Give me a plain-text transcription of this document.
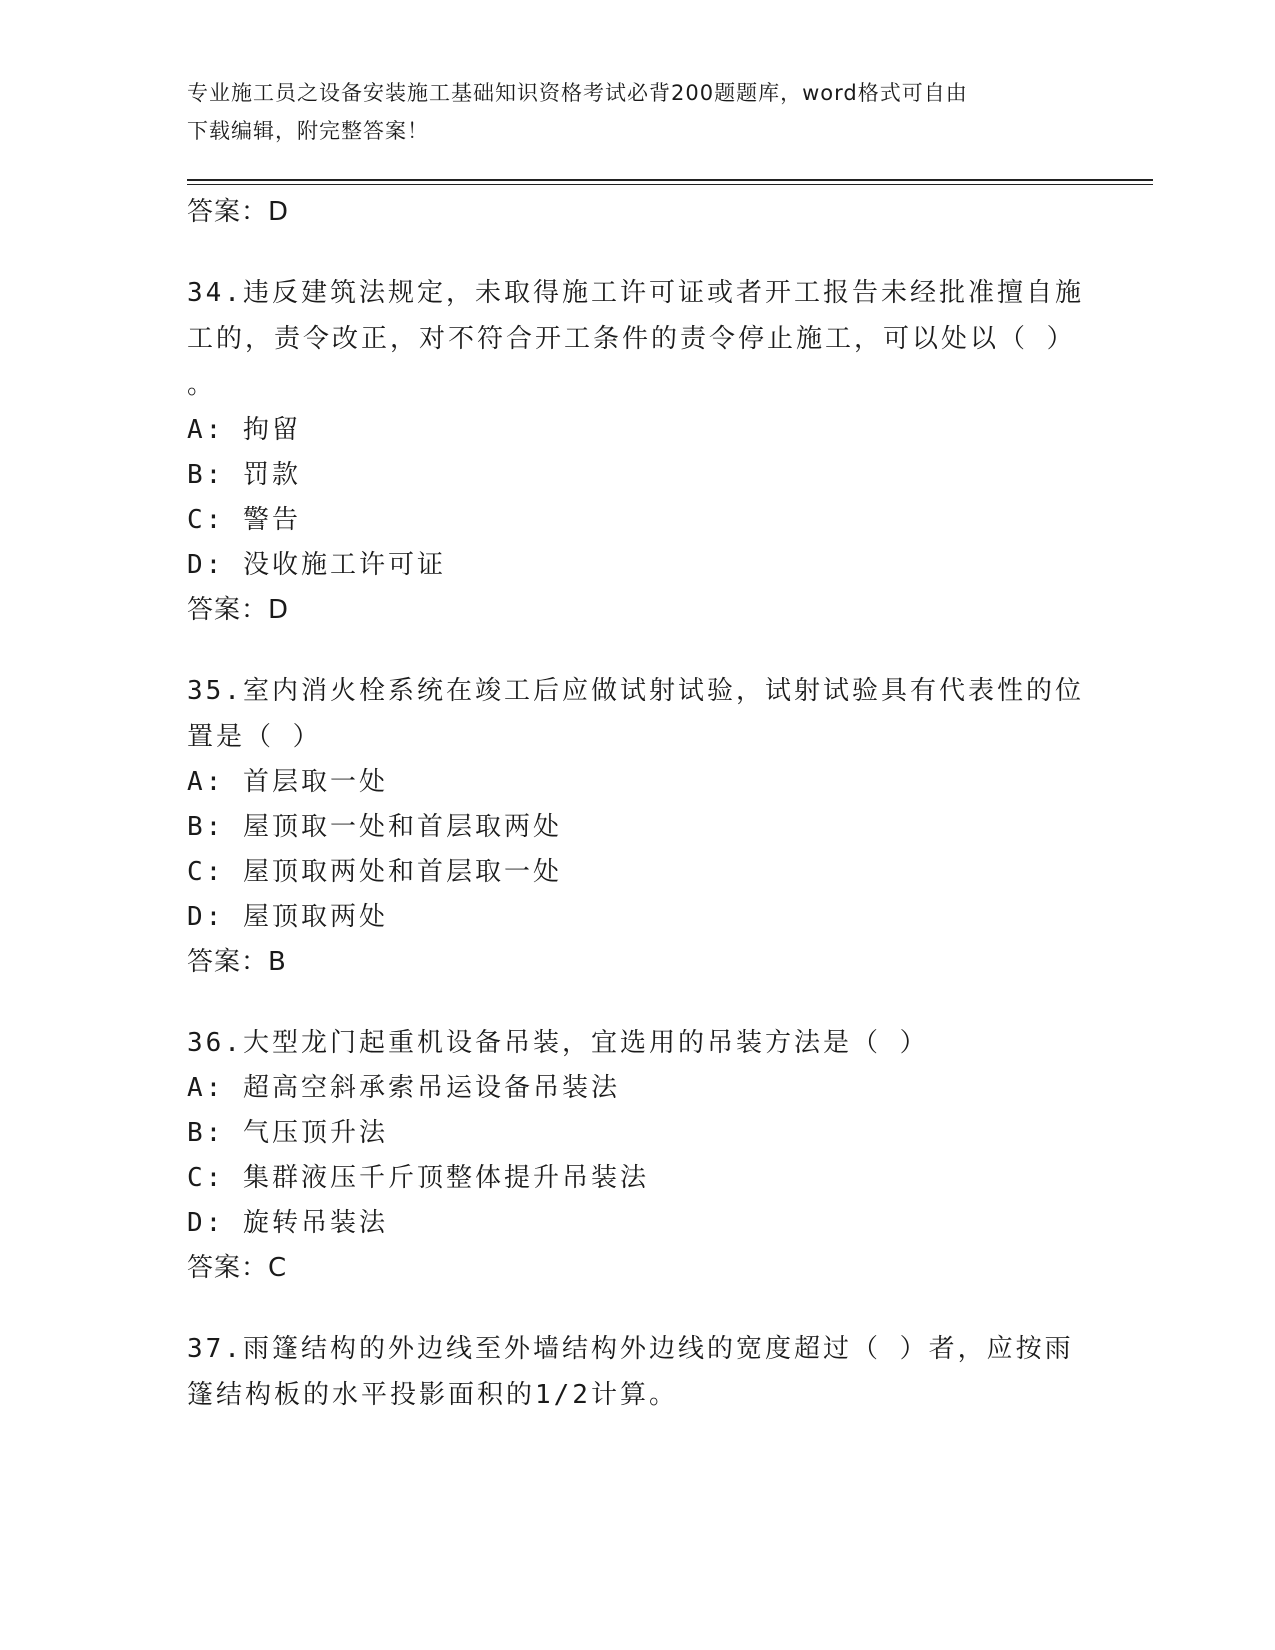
专业施工员之设备安装施工基础知识资格考试必背200题题库，word格式可自由
下载编辑，附完整答案！
答案：D
34.违反建筑法规定，未取得施工许可证或者开工报告未经批准擅自施
工的，责令改正，对不符合开工条件的责令停止施工，可以处以（ ）
。
A: 拘留
B: 罚款
C: 警告
D: 没收施工许可证
答案：D
35.室内消火栓系统在竣工后应做试射试验，试射试验具有代表性的位
置是（ ）
A: 首层取一处
B: 屋顶取一处和首层取两处
C: 屋顶取两处和首层取一处
D: 屋顶取两处
答案：B
36.大型龙门起重机设备吊装，宜选用的吊装方法是（ ）
A: 超高空斜承索吊运设备吊装法
B: 气压顶升法
C: 集群液压千斤顶整体提升吊装法
D: 旋转吊装法
答案：C
37.雨篷结构的外边线至外墙结构外边线的宽度超过（ ）者，应按雨
篷结构板的水平投影面积的1/2计算。
